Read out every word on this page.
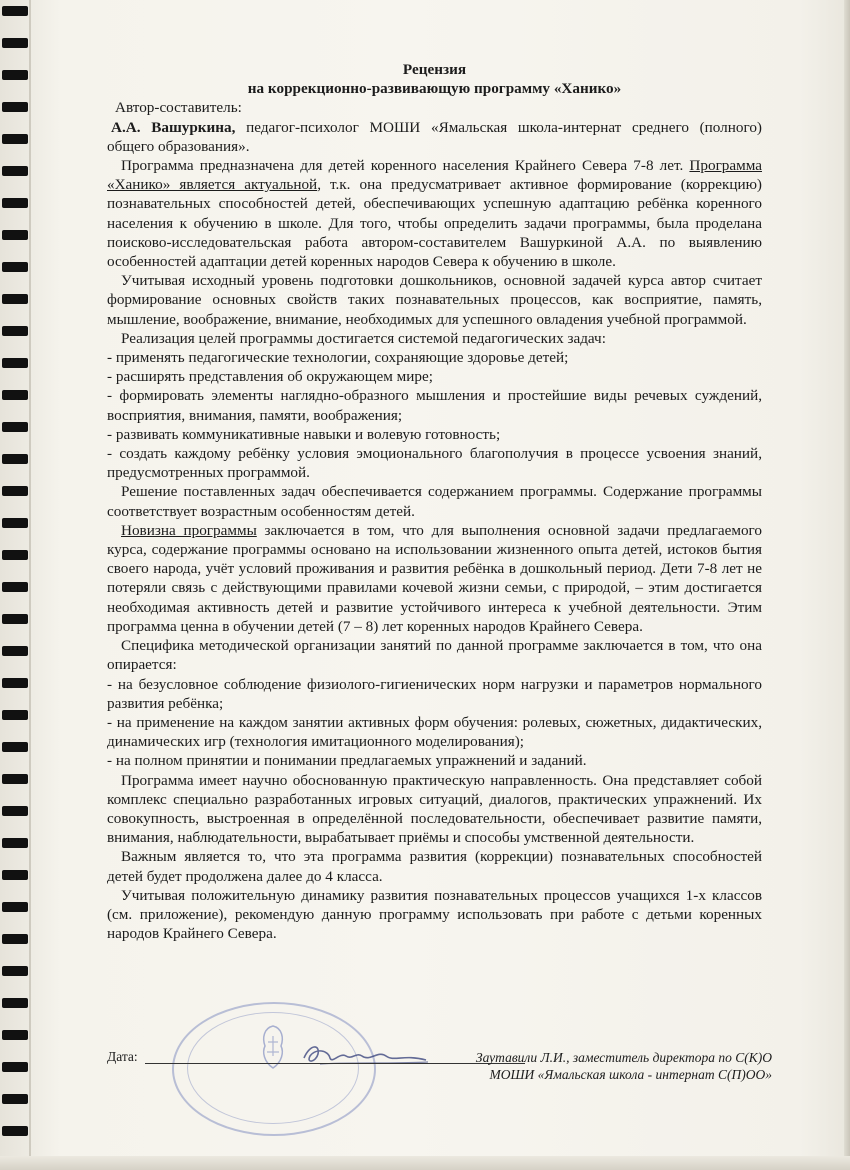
Рецензия

на коррекционно-развивающую программу «Ханико»

Автор-составитель:

А.А. Вашуркина, педагог-психолог МОШИ «Ямальская школа-интернат среднего (полного) общего образования».

Программа предназначена для детей коренного населения Крайнего Севера 7-8 лет. Программа «Ханико» является актуальной, т.к. она предусматривает активное формирование (коррекцию) познавательных способностей детей, обеспечивающих успешную адаптацию ребёнка коренного населения к обучению в школе. Для того, чтобы определить задачи программы, была проделана поисково-исследовательская работа автором-составителем Вашуркиной А.А. по выявлению особенностей адаптации детей коренных народов Севера к обучению в школе.

Учитывая исходный уровень подготовки дошкольников, основной задачей курса автор считает формирование основных свойств таких познавательных процессов, как восприятие, память, мышление, воображение, внимание, необходимых для успешного овладения учебной программой.

Реализация целей программы достигается системой педагогических задач:

- применять педагогические технологии, сохраняющие здоровье детей;

- расширять представления об окружающем мире;

- формировать элементы наглядно-образного мышления и простейшие виды речевых суждений, восприятия, внимания, памяти, воображения;

- развивать коммуникативные навыки и волевую готовность;

- создать каждому ребёнку условия эмоционального благополучия в процессе усвоения знаний, предусмотренных программой.

Решение поставленных задач обеспечивается содержанием программы. Содержание программы соответствует возрастным особенностям детей.

Новизна программы заключается в том, что для выполнения основной задачи предлагаемого курса, содержание программы основано на использовании жизненного опыта детей, истоков бытия своего народа, учёт условий проживания и развития ребёнка в дошкольный период. Дети 7-8 лет не потеряли связь с действующими правилами кочевой жизни семьи, с природой, – этим достигается необходимая активность детей и развитие устойчивого интереса к учебной деятельности. Этим программа ценна в обучении детей (7 – 8) лет коренных народов Крайнего Севера.

Специфика методической организации занятий по данной программе заключается в том, что она опирается:

- на безусловное соблюдение физиолого-гигиенических норм нагрузки и параметров нормального развития ребёнка;

- на применение на каждом занятии активных форм обучения: ролевых, сюжетных, дидактических, динамических игр (технология имитационного моделирования);

- на полном принятии и понимании предлагаемых упражнений и заданий.

Программа имеет научно обоснованную практическую направленность. Она представляет собой комплекс специально разработанных игровых ситуаций, диалогов, практических упражнений. Их совокупность, выстроенная в определённой последовательности, обеспечивает развитие памяти, внимания, наблюдательности, вырабатывает приёмы и способы умственной деятельности.

Важным является то, что эта программа развития (коррекции) познавательных способностей детей будет продолжена далее до 4 класса.

Учитывая положительную динамику развития познавательных процессов учащихся 1-х классов (см. приложение), рекомендую данную программу использовать при работе с детьми коренных народов Крайнего Севера.

Дата:	Заутавили Л.И., заместитель директора по С(К)О
МОШИ «Ямальская школа - интернат С(П)ОО»
